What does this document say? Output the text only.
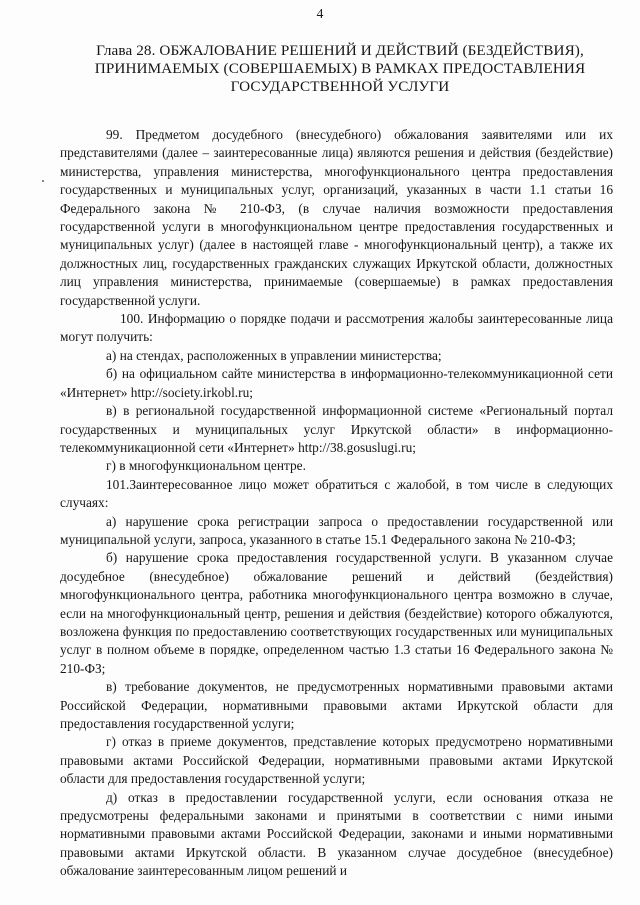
4
Глава 28. ОБЖАЛОВАНИЕ РЕШЕНИЙ И ДЕЙСТВИЙ (БЕЗДЕЙСТВИЯ),
ПРИНИМАЕМЫХ (СОВЕРШАЕМЫХ) В РАМКАХ ПРЕДОСТАВЛЕНИЯ
ГОСУДАРСТВЕННОЙ УСЛУГИ

99. Предметом досудебного (внесудебного) обжалования заявителями или их представителями (далее – заинтересованные лица) являются решения и действия (бездействие) министерства, управления министерства, многофункционального центра предоставления государственных и муниципальных услуг, организаций, указанных в части 1.1 статьи 16 Федерального закона № 210-ФЗ, (в случае наличия возможности предоставления государственной услуги в многофункциональном центре предоставления государственных и муниципальных услуг) (далее в настоящей главе - многофункциональный центр), а также их должностных лиц, государственных гражданских служащих Иркутской области, должностных лиц управления министерства, принимаемые (совершаемые) в рамках предоставления государственной услуги.

100. Информацию о порядке подачи и рассмотрения жалобы заинтересованные лица могут получить:

а) на стендах, расположенных в управлении министерства;

б) на официальном сайте министерства в информационно-телекоммуникационной сети «Интернет» http://society.irkobl.ru;

в) в региональной государственной информационной системе «Региональный портал государственных и муниципальных услуг Иркутской области» в информационно-телекоммуникационной сети «Интернет» http://38.gosuslugi.ru;

г) в многофункциональном центре.

101.Заинтересованное лицо может обратиться с жалобой, в том числе в следующих случаях:

а) нарушение срока регистрации запроса о предоставлении государственной или муниципальной услуги, запроса, указанного в статье 15.1 Федерального закона № 210-ФЗ;

б) нарушение срока предоставления государственной услуги. В указанном случае досудебное (внесудебное) обжалование решений и действий (бездействия) многофункционального центра, работника многофункционального центра возможно в случае, если на многофункциональный центр, решения и действия (бездействие) которого обжалуются, возложена функция по предоставлению соответствующих государственных или муниципальных услуг в полном объеме в порядке, определенном частью 1.3 статьи 16 Федерального закона № 210-ФЗ;

в) требование документов, не предусмотренных нормативными правовыми актами Российской Федерации, нормативными правовыми актами Иркутской области для предоставления государственной услуги;

г) отказ в приеме документов, представление которых предусмотрено нормативными правовыми актами Российской Федерации, нормативными правовыми актами Иркутской области для предоставления государственной услуги;

д) отказ в предоставлении государственной услуги, если основания отказа не предусмотрены федеральными законами и принятыми в соответствии с ними иными нормативными правовыми актами Российской Федерации, законами и иными нормативными правовыми актами Иркутской области. В указанном случае досудебное (внесудебное) обжалование заинтересованным лицом решений и
